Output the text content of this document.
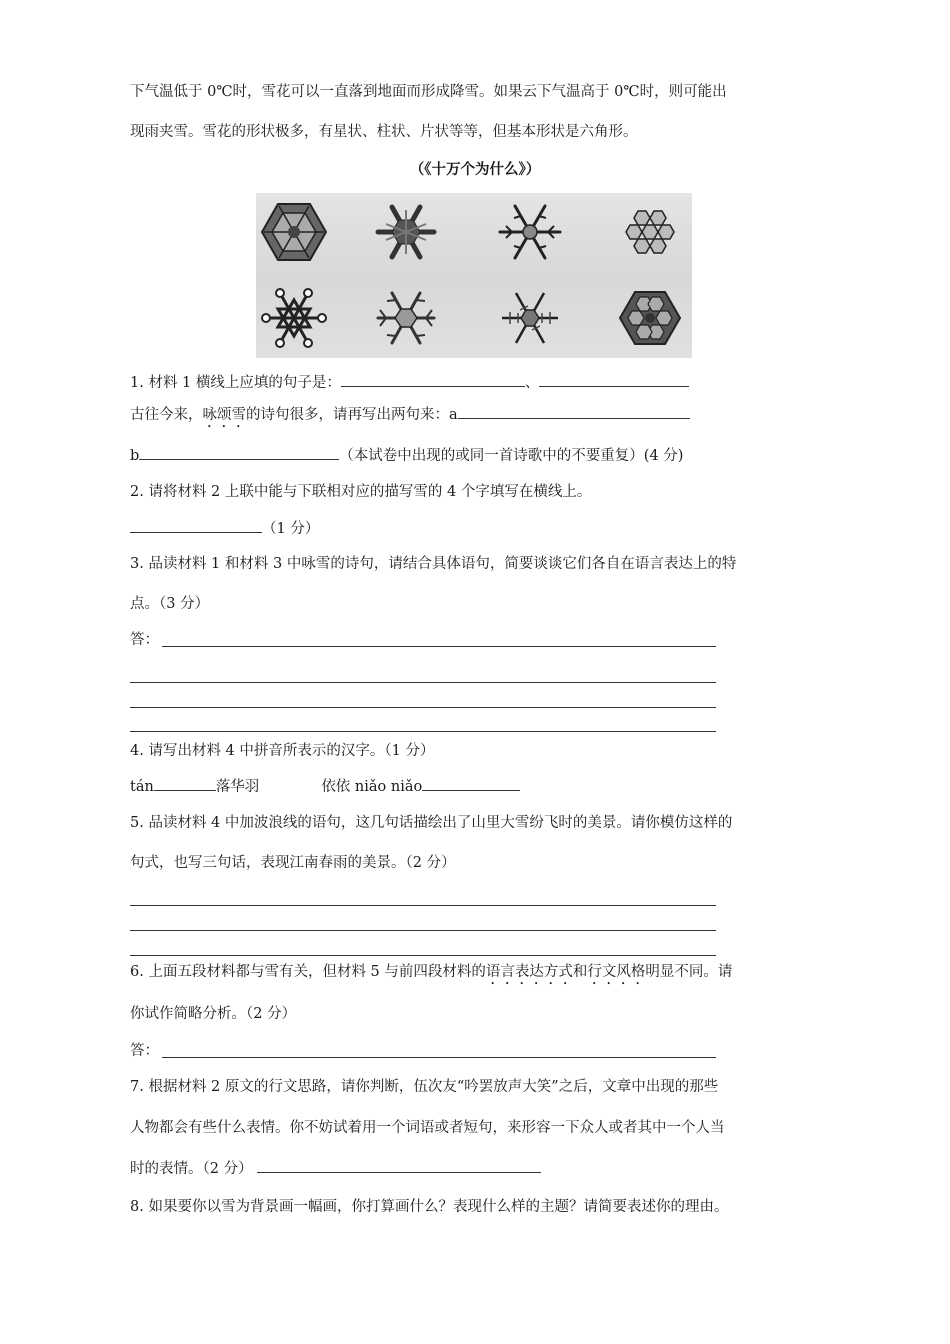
下气温低于 0℃时，雪花可以一直落到地面而形成降雪。如果云下气温高于 0℃时，则可能出
现雨夹雪。雪花的形状极多，有星状、柱状、片状等等，但基本形状是六角形。
（《十万个为什么》）
1. 材料 1 横线上应填的句子是：	、
古往今来，咏颂雪的诗句很多，请再写出两句来：a
b	（本试卷中出现的或同一首诗歌中的不要重复）(4 分)
2. 请将材料 2 上联中能与下联相对应的描写雪的 4 个字填写在横线上。
（1 分）
3. 品读材料 1 和材料 3 中咏雪的诗句，请结合具体语句，简要谈谈它们各自在语言表达上的特
点。（3 分）
答：
4. 请写出材料 4 中拼音所表示的汉字。（1 分）
tán	落华羽	依依 niǎo niǎo
5. 品读材料 4 中加波浪线的语句，这几句话描绘出了山里大雪纷飞时的美景。请你模仿这样的
句式，也写三句话，表现江南春雨的美景。（2 分）
6. 上面五段材料都与雪有关，但材料 5 与前四段材料的语言表达方式和行文风格明显不同。请
你试作简略分析。（2 分）
答：
7. 根据材料 2 原文的行文思路，请你判断，伍次友“吟罢放声大笑”之后，文章中出现的那些
人物都会有些什么表情。你不妨试着用一个词语或者短句，来形容一下众人或者其中一个人当
时的表情。（2 分）
8. 如果要你以雪为背景画一幅画，你打算画什么？表现什么样的主题？请简要表述你的理由。
